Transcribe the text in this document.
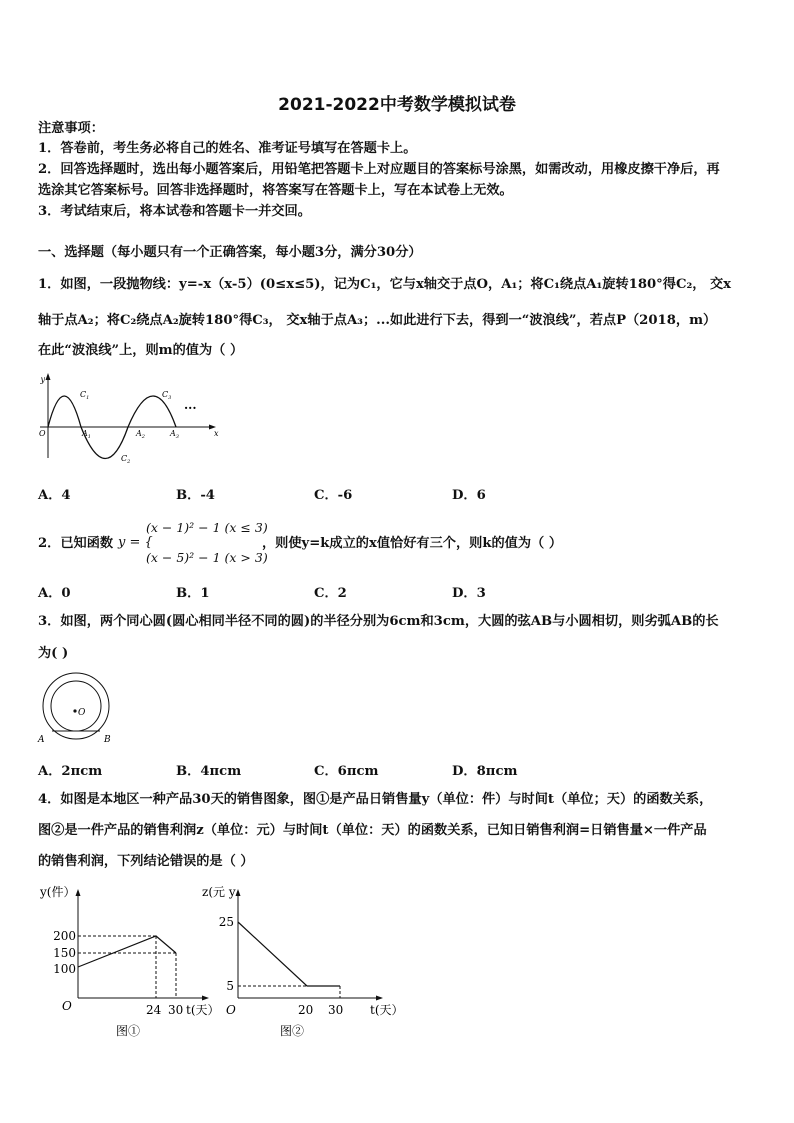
2021-2022中考数学模拟试卷
注意事项：
1．答卷前，考生务必将自己的姓名、准考证号填写在答题卡上。
2．回答选择题时，选出每小题答案后，用铅笔把答题卡上对应题目的答案标号涂黑，如需改动，用橡皮擦干净后，再
选涂其它答案标号。回答非选择题时，将答案写在答题卡上，写在本试卷上无效。
3．考试结束后，将本试卷和答题卡一并交回。
一、选择题（每小题只有一个正确答案，每小题3分，满分30分）
1．如图，一段抛物线：y=-x（x-5）(0≤x≤5)，记为C₁，它与x轴交于点O，A₁；将C₁绕点A₁旋转180°得C₂， 交x
轴于点A₂；将C₂绕点A₂旋转180°得C₃， 交x轴于点A₃；...如此进行下去，得到一“波浪线”，若点P（2018，m）
在此“波浪线”上，则m的值为（ ）
y
x
O
$C_1$
$C_2$
$C_3$
$A_1$	$A_2$	$A_3$
···
A．4	B．-4	C．-6	D．6
2．已知函数 y = {
(x − 1)² − 1 (x ≤ 3)
(x − 5)² − 1 (x > 3)
，则使y=k成立的x值恰好有三个，则k的值为（ ）
A．0	B．1	C．2	D．3
3．如图，两个同心圆(圆心相同半径不同的圆)的半径分别为6cm和3cm，大圆的弦AB与小圆相切，则劣弧AB的长
为( )
O
A	B
A．2πcm	B．4πcm	C．6πcm	D．8πcm
4．如图是本地区一种产品30天的销售图象，图①是产品日销售量y（单位：件）与时间t（单位；天）的函数关系，
图②是一件产品的销售利润z（单位：元）与时间t（单位：天）的函数关系，已知日销售利润=日销售量×一件产品
的销售利润，下列结论错误的是（ ）
y(件）
200
150
100
O	24 30 t(天）
图①
z(元 y
25
5
O	20 30 t(天）
图②
